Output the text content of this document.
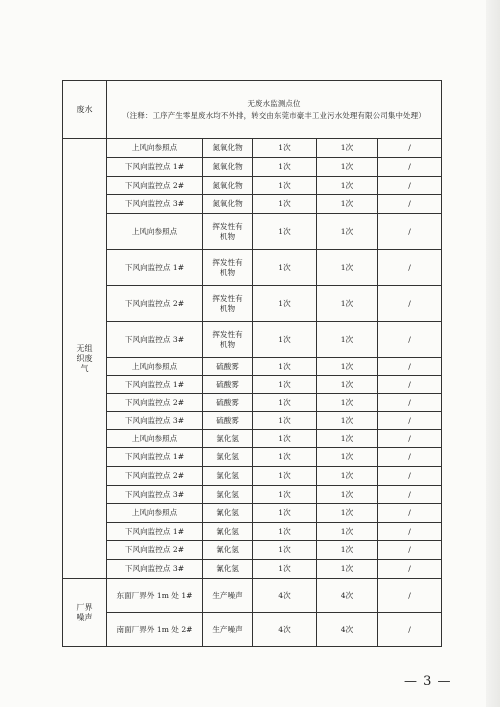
废水	无废水监测点位
（注释：工序产生零星废水均不外排，转交由东莞市豪丰工业污水处理有限公司集中处理）				

无组织废气	上风向参照点	氮氧化物	1次	1次	/
	下风向监控点 1#	氮氧化物	1次	1次	/
	下风向监控点 2#	氮氧化物	1次	1次	/
	下风向监控点 3#	氮氧化物	1次	1次	/
	上风向参照点	挥发性有机物	1次	1次	/
	下风向监控点 1#	挥发性有机物	1次	1次	/
	下风向监控点 2#	挥发性有机物	1次	1次	/
	下风向监控点 3#	挥发性有机物	1次	1次	/
	上风向参照点	硫酸雾	1次	1次	/
	下风向监控点 1#	硫酸雾	1次	1次	/
	下风向监控点 2#	硫酸雾	1次	1次	/
	下风向监控点 3#	硫酸雾	1次	1次	/
	上风向参照点	氯化氢	1次	1次	/
	下风向监控点 1#	氯化氢	1次	1次	/
	下风向监控点 2#	氯化氢	1次	1次	/
	下风向监控点 3#	氯化氢	1次	1次	/
	上风向参照点	氰化氢	1次	1次	/
	下风向监控点 1#	氰化氢	1次	1次	/
	下风向监控点 2#	氰化氢	1次	1次	/
	下风向监控点 3#	氰化氢	1次	1次	/
厂界噪声	东面厂界外 1m 处 1#	生产噪声	4次	4次	/
	南面厂界外 1m 处 2#	生产噪声	4次	4次	/
— 3 —
